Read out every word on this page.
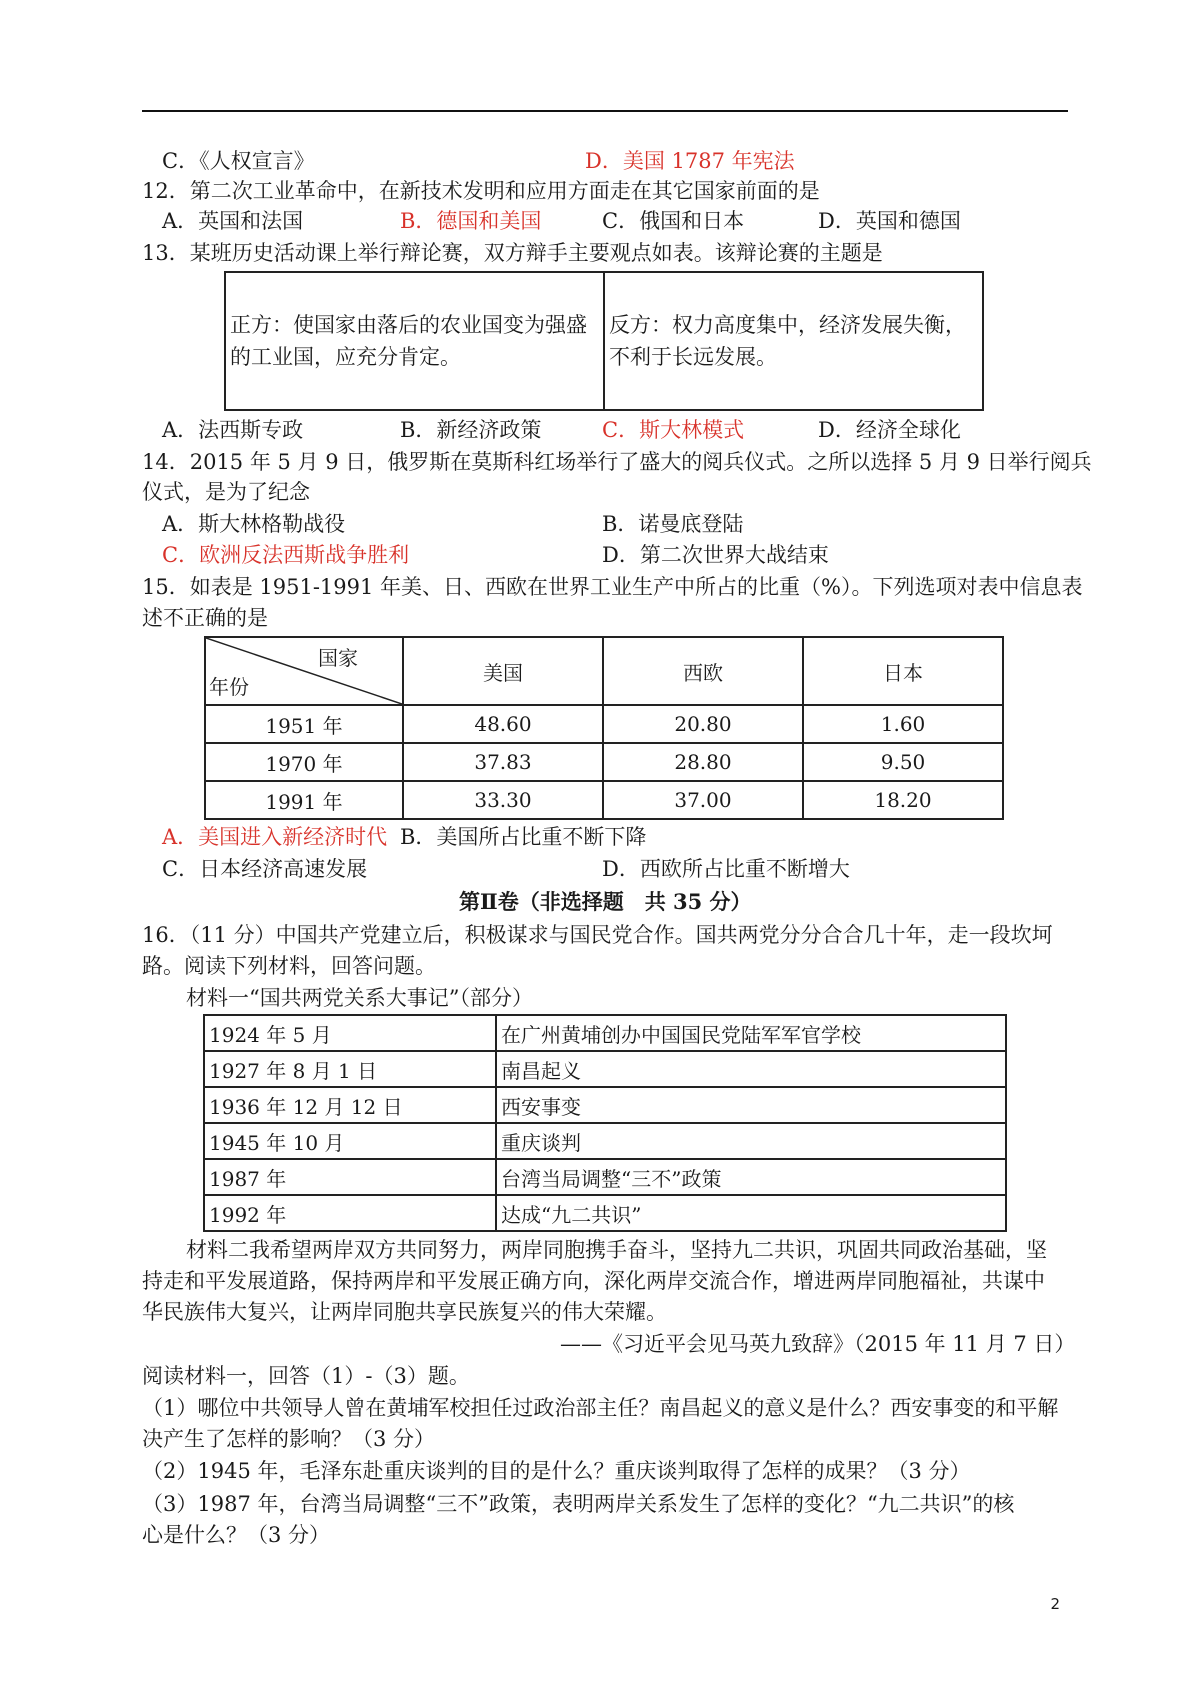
C．《人权宣言》	D．美国 1787 年宪法
12．第二次工业革命中，在新技术发明和应用方面走在其它国家前面的是
A．英国和法国	B．德国和美国	C．俄国和日本	D．英国和德国
13．某班历史活动课上举行辩论赛，双方辩手主要观点如表。该辩论赛的主题是
正方：使国家由落后的农业国变为强盛的工业国，应充分肯定。	反方：权力高度集中，经济发展失衡，不利于长远发展。
A．法西斯专政	B．新经济政策	C．斯大林模式	D．经济全球化
14．2015 年 5 月 9 日，俄罗斯在莫斯科红场举行了盛大的阅兵仪式。之所以选择 5 月 9 日举行阅兵
仪式，是为了纪念
A．斯大林格勒战役	B．诺曼底登陆
C．欧洲反法西斯战争胜利	D．第二次世界大战结束
15．如表是 1951-1991 年美、日、西欧在世界工业生产中所占的比重（%）。下列选项对表中信息表
述不正确的是
国家
年份	美国	西欧	日本
1951 年	48.60	20.80	1.60
1970 年	37.83	28.80	9.50
1991 年	33.30	37.00	18.20
A．美国进入新经济时代 B．美国所占比重不断下降
C．日本经济高速发展	D．西欧所占比重不断增大
第Ⅱ卷（非选择题　共 35 分）
16．（11 分）中国共产党建立后，积极谋求与国民党合作。国共两党分分合合几十年，走一段坎坷
路。阅读下列材料，回答问题。
材料一“国共两党关系大事记”（部分）
1924 年 5 月	在广州黄埔创办中国国民党陆军军官学校
1927 年 8 月 1 日	南昌起义
1936 年 12 月 12 日	西安事变
1945 年 10 月	重庆谈判
1987 年	台湾当局调整“三不”政策
1992 年	达成“九二共识”
材料二我希望两岸双方共同努力，两岸同胞携手奋斗，坚持九二共识，巩固共同政治基础，坚
持走和平发展道路，保持两岸和平发展正确方向，深化两岸交流合作，增进两岸同胞福祉，共谋中
华民族伟大复兴，让两岸同胞共享民族复兴的伟大荣耀。
——《习近平会见马英九致辞》（2015 年 11 月 7 日）
阅读材料一，回答（1）-（3）题。
（1）哪位中共领导人曾在黄埔军校担任过政治部主任？南昌起义的意义是什么？西安事变的和平解
决产生了怎样的影响？（3 分）
（2）1945 年，毛泽东赴重庆谈判的目的是什么？重庆谈判取得了怎样的成果？（3 分）
（3）1987 年，台湾当局调整“三不”政策，表明两岸关系发生了怎样的变化？“九二共识”的核
心是什么？（3 分）
2
